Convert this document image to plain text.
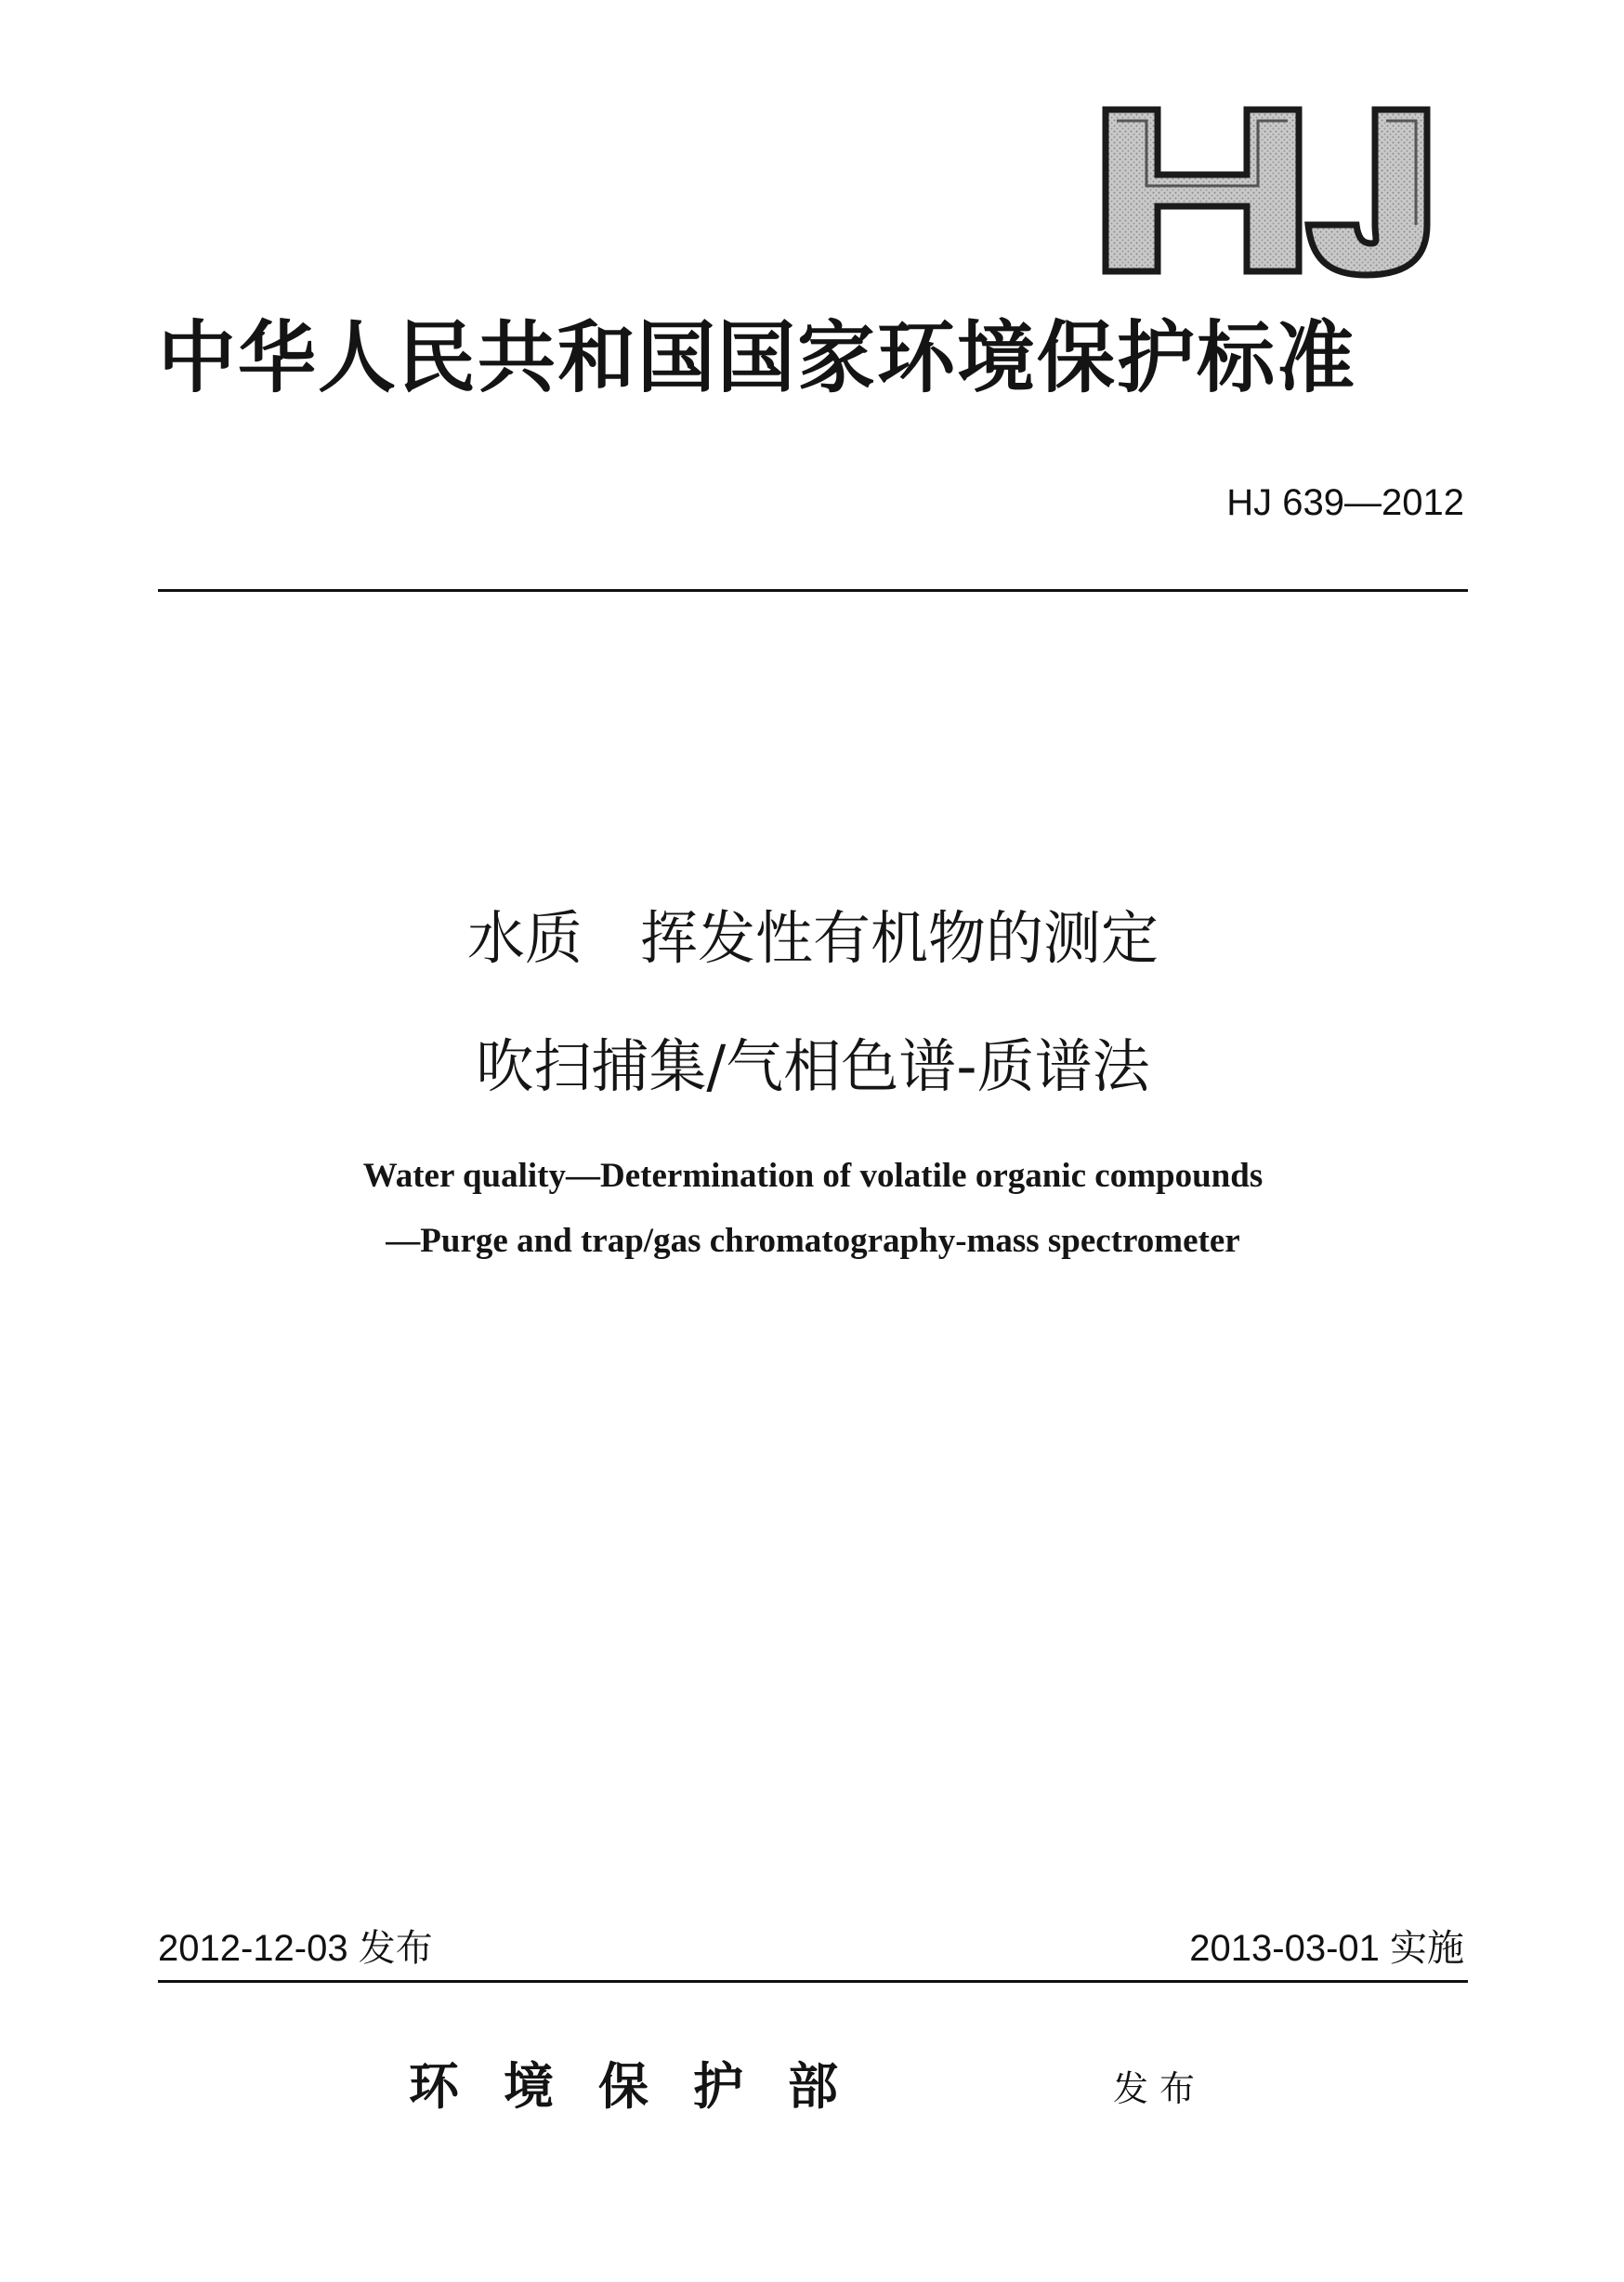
中华人民共和国国家环境保护标准
HJ 639—2012
水质　挥发性有机物的测定
吹扫捕集/气相色谱-质谱法
Water quality—Determination of volatile organic compounds
—Purge and trap/gas chromatography-mass spectrometer
2012-12-03 发布	2013-03-01 实施
环境保护部	发布
